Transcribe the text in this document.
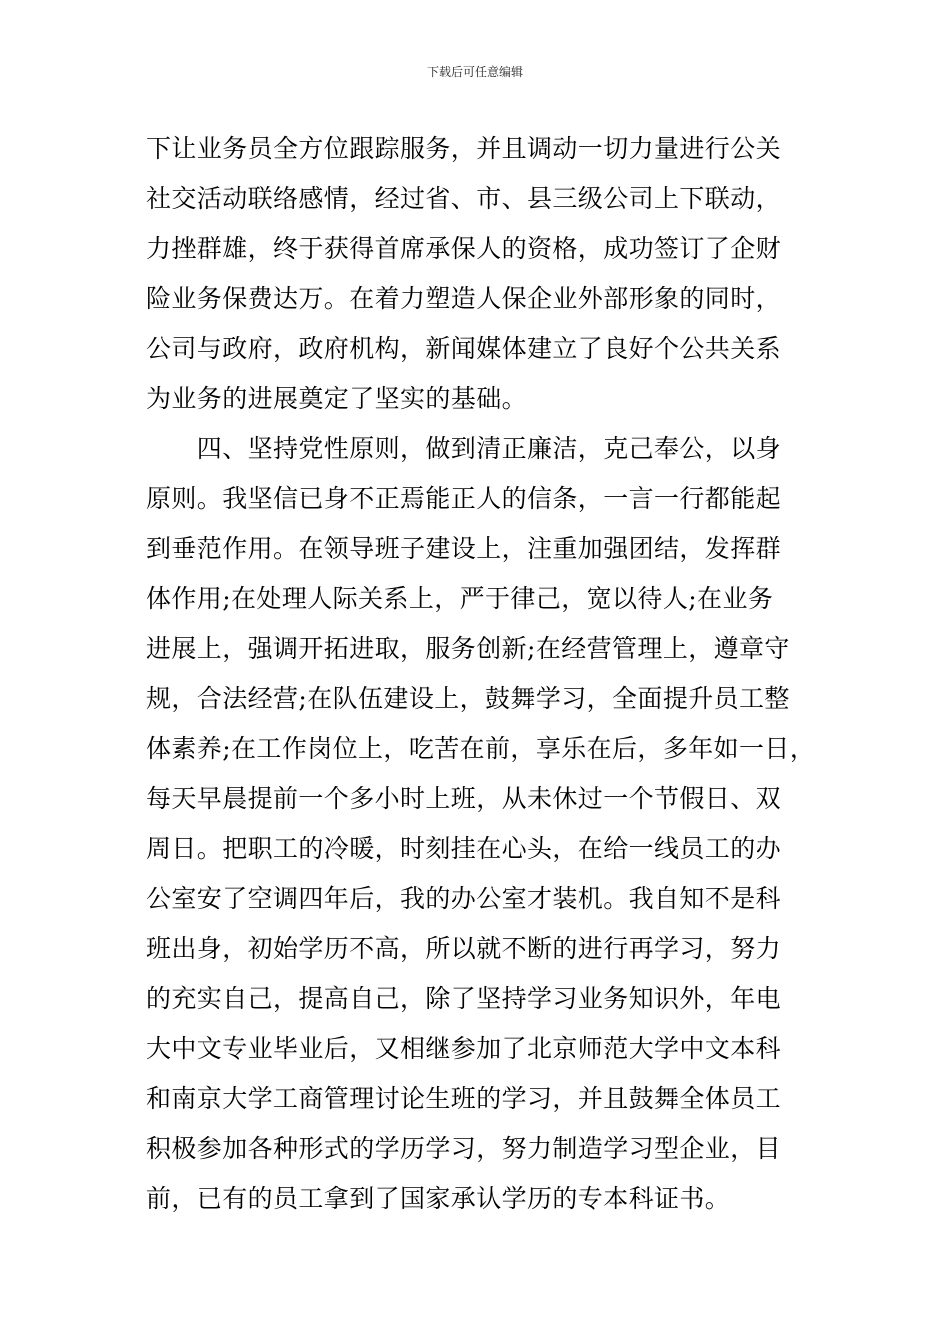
下载后可任意编辑
下让业务员全方位跟踪服务，并且调动一切力量进行公关
社交活动联络感情，经过省、市、县三级公司上下联动，
力挫群雄，终于获得首席承保人的资格，成功签订了企财
险业务保费达万。在着力塑造人保企业外部形象的同时，
公司与政府，政府机构，新闻媒体建立了良好个公共关系
为业务的进展奠定了坚实的基础。
　　四、坚持党性原则，做到清正廉洁，克己奉公，以身
原则。我坚信已身不正焉能正人的信条，一言一行都能起
到垂范作用。在领导班子建设上，注重加强团结，发挥群
体作用;在处理人际关系上，严于律己，宽以待人;在业务
进展上，强调开拓进取，服务创新;在经营管理上，遵章守
规，合法经营;在队伍建设上，鼓舞学习，全面提升员工整
体素养;在工作岗位上，吃苦在前，享乐在后，多年如一日，
每天早晨提前一个多小时上班，从未休过一个节假日、双
周日。把职工的冷暖，时刻挂在心头，在给一线员工的办
公室安了空调四年后，我的办公室才装机。我自知不是科
班出身，初始学历不高，所以就不断的进行再学习，努力
的充实自己，提高自己，除了坚持学习业务知识外，年电
大中文专业毕业后，又相继参加了北京师范大学中文本科
和南京大学工商管理讨论生班的学习，并且鼓舞全体员工
积极参加各种形式的学历学习，努力制造学习型企业，目
前，已有的员工拿到了国家承认学历的专本科证书。
